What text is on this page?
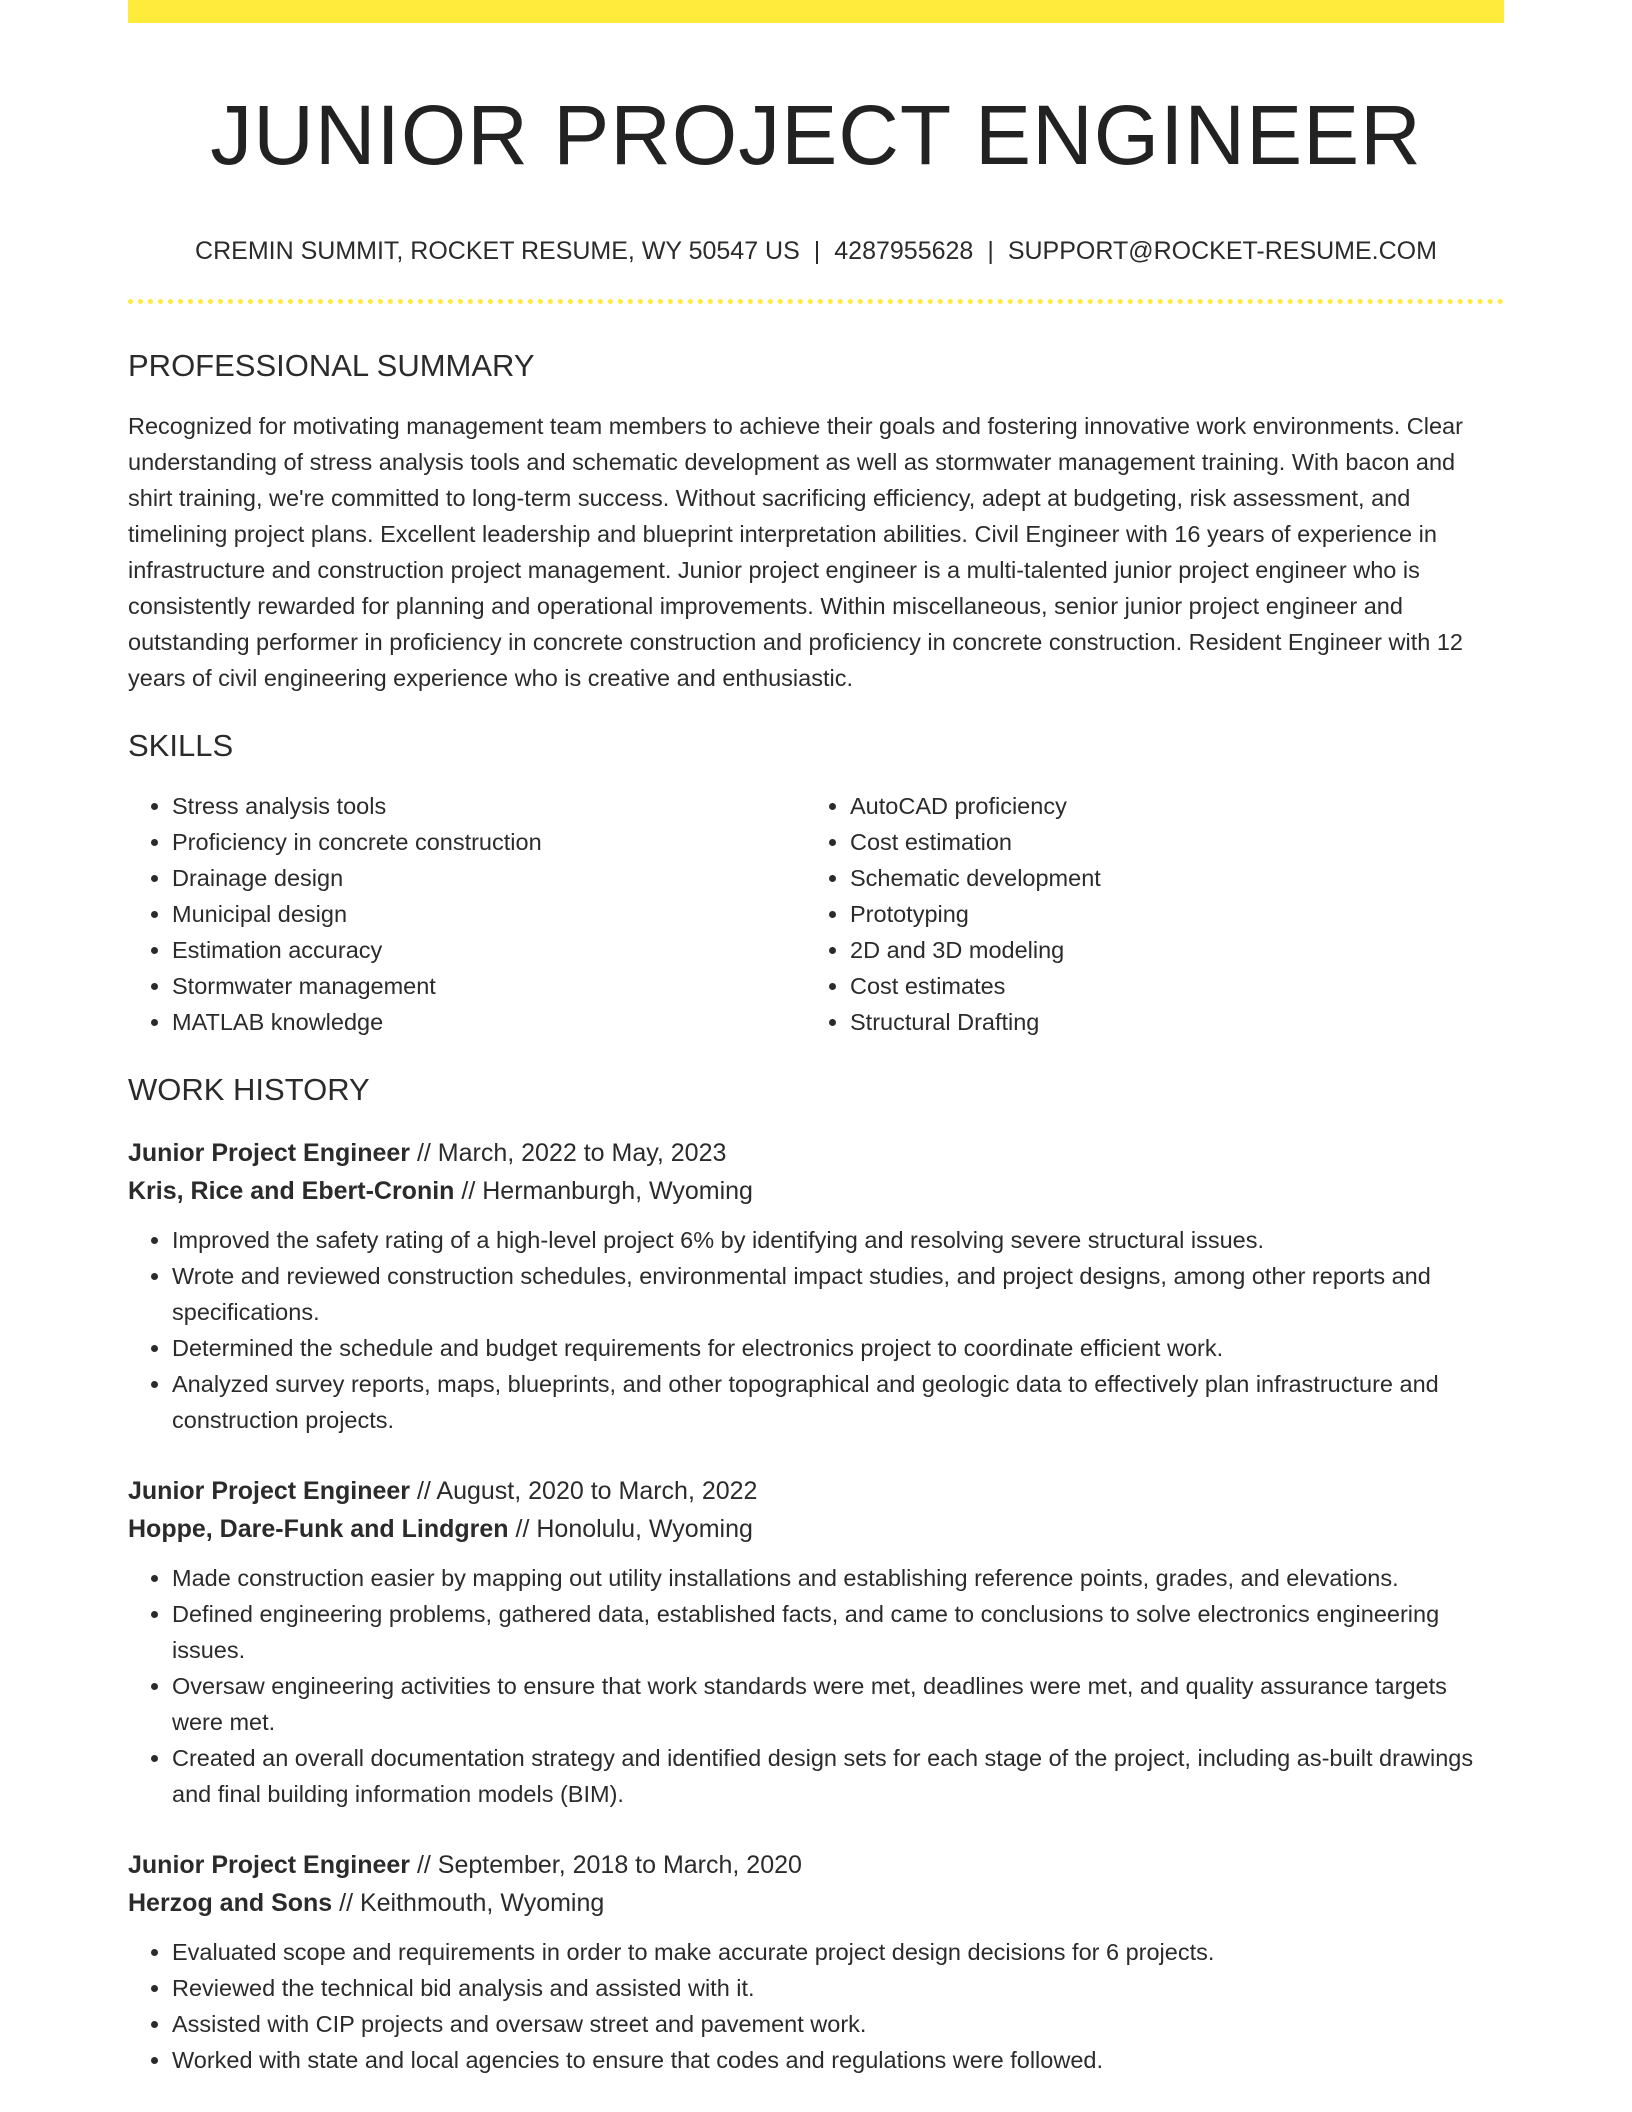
JUNIOR PROJECT ENGINEER
CREMIN SUMMIT, ROCKET RESUME, WY 50547 US | 4287955628 | SUPPORT@ROCKET-RESUME.COM
PROFESSIONAL SUMMARY

Recognized for motivating management team members to achieve their goals and fostering innovative work environments. Clear understanding of stress analysis tools and schematic development as well as stormwater management training. With bacon and shirt training, we're committed to long-term success. Without sacrificing efficiency, adept at budgeting, risk assessment, and timelining project plans. Excellent leadership and blueprint interpretation abilities. Civil Engineer with 16 years of experience in infrastructure and construction project management. Junior project engineer is a multi-talented junior project engineer who is consistently rewarded for planning and operational improvements. Within miscellaneous, senior junior project engineer and outstanding performer in proficiency in concrete construction and proficiency in concrete construction. Resident Engineer with 12 years of civil engineering experience who is creative and enthusiastic.

SKILLS
• Stress analysis tools
• Proficiency in concrete construction
• Drainage design
• Municipal design
• Estimation accuracy
• Stormwater management
• MATLAB knowledge
• AutoCAD proficiency
• Cost estimation
• Schematic development
• Prototyping
• 2D and 3D modeling
• Cost estimates
• Structural Drafting
WORK HISTORY
Junior Project Engineer // March, 2022 to May, 2023
Kris, Rice and Ebert-Cronin // Hermanburgh, Wyoming
• Improved the safety rating of a high-level project 6% by identifying and resolving severe structural issues.
• Wrote and reviewed construction schedules, environmental impact studies, and project designs, among other reports and specifications.
• Determined the schedule and budget requirements for electronics project to coordinate efficient work.
• Analyzed survey reports, maps, blueprints, and other topographical and geologic data to effectively plan infrastructure and construction projects.
Junior Project Engineer // August, 2020 to March, 2022
Hoppe, Dare-Funk and Lindgren // Honolulu, Wyoming
• Made construction easier by mapping out utility installations and establishing reference points, grades, and elevations.
• Defined engineering problems, gathered data, established facts, and came to conclusions to solve electronics engineering issues.
• Oversaw engineering activities to ensure that work standards were met, deadlines were met, and quality assurance targets were met.
• Created an overall documentation strategy and identified design sets for each stage of the project, including as-built drawings and final building information models (BIM).
Junior Project Engineer // September, 2018 to March, 2020
Herzog and Sons // Keithmouth, Wyoming
• Evaluated scope and requirements in order to make accurate project design decisions for 6 projects.
• Reviewed the technical bid analysis and assisted with it.
• Assisted with CIP projects and oversaw street and pavement work.
• Worked with state and local agencies to ensure that codes and regulations were followed.
